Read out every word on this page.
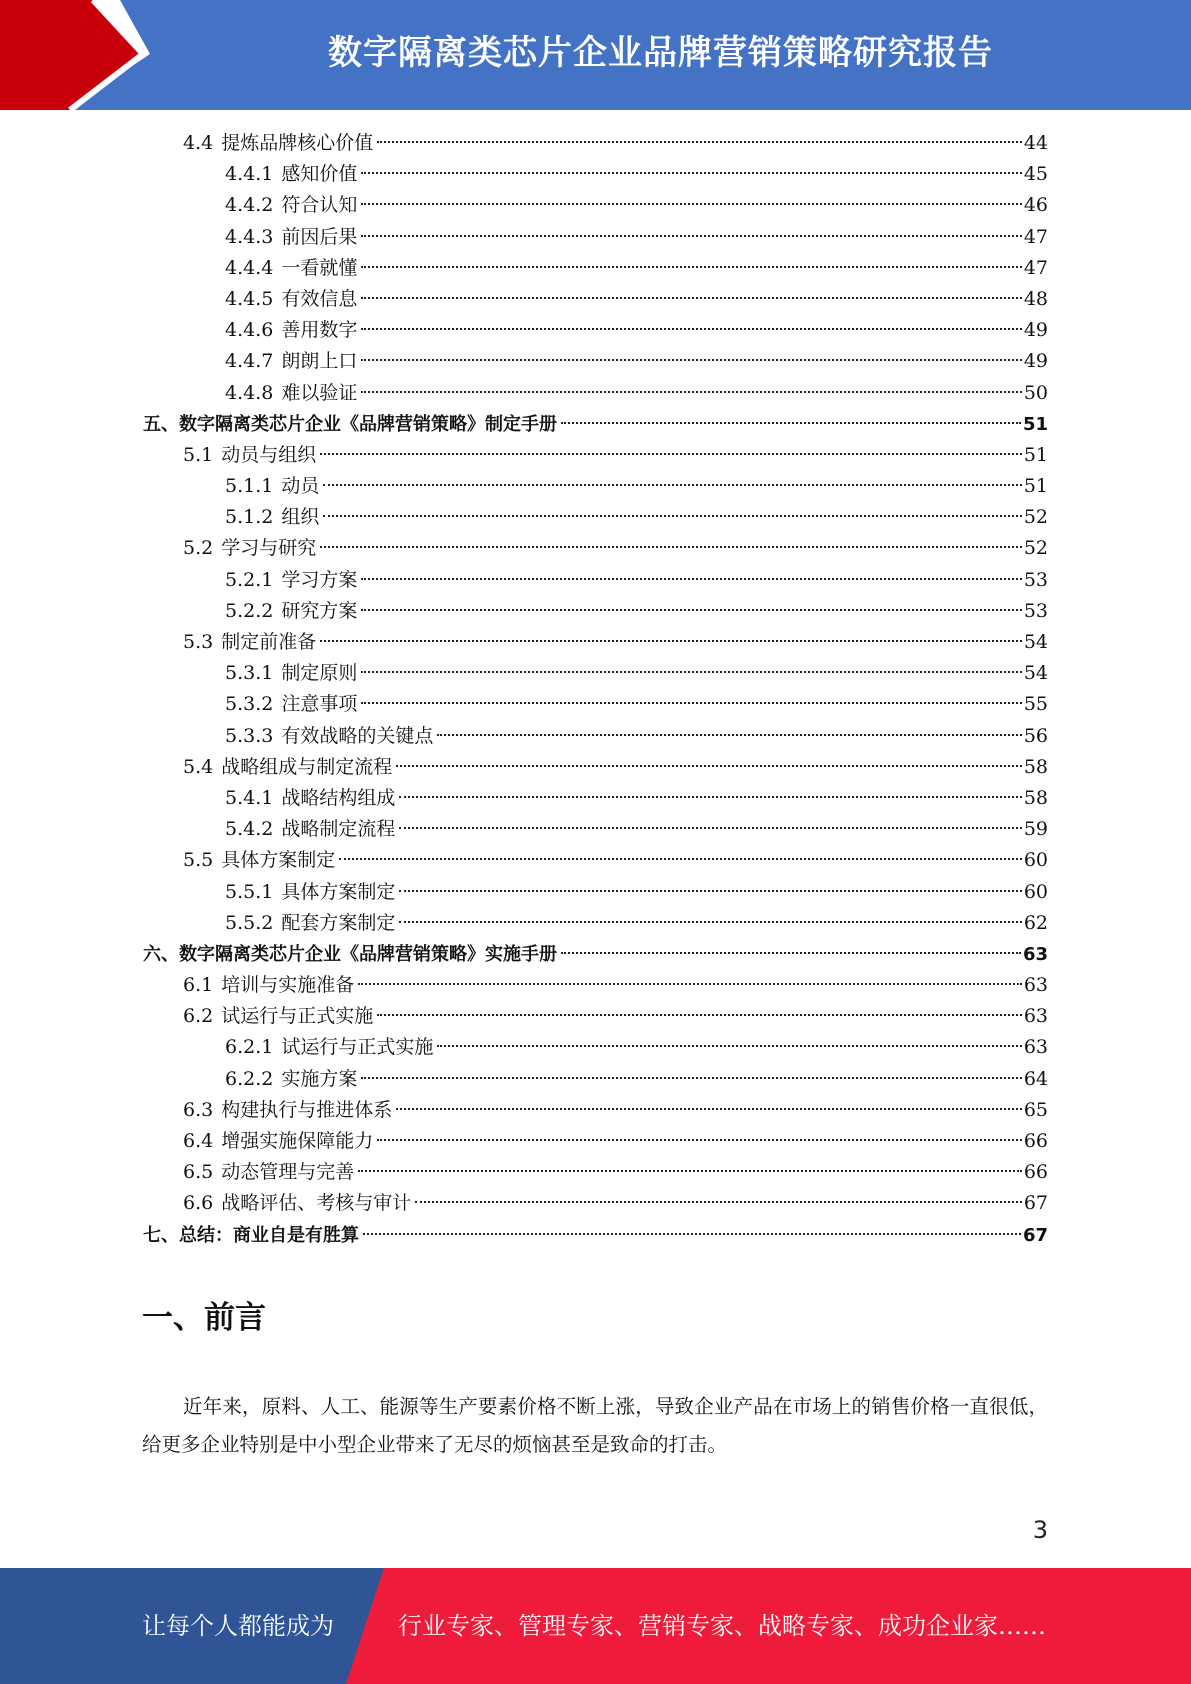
数字隔离类芯片企业品牌营销策略研究报告
4.4 提炼品牌核心价值	44
4.4.1 感知价值	45
4.4.2 符合认知	46
4.4.3 前因后果	47
4.4.4 一看就懂	47
4.4.5 有效信息	48
4.4.6 善用数字	49
4.4.7 朗朗上口	49
4.4.8 难以验证	50
五、数字隔离类芯片企业《品牌营销策略》制定手册	51
5.1 动员与组织	51
5.1.1 动员	51
5.1.2 组织	52
5.2 学习与研究	52
5.2.1 学习方案	53
5.2.2 研究方案	53
5.3 制定前准备	54
5.3.1 制定原则	54
5.3.2 注意事项	55
5.3.3 有效战略的关键点	56
5.4 战略组成与制定流程	58
5.4.1 战略结构组成	58
5.4.2 战略制定流程	59
5.5 具体方案制定	60
5.5.1 具体方案制定	60
5.5.2 配套方案制定	62
六、数字隔离类芯片企业《品牌营销策略》实施手册	63
6.1 培训与实施准备	63
6.2 试运行与正式实施	63
6.2.1 试运行与正式实施	63
6.2.2 实施方案	64
6.3 构建执行与推进体系	65
6.4 增强实施保障能力	66
6.5 动态管理与完善	66
6.6 战略评估、考核与审计	67
七、总结：商业自是有胜算	67
一、前言

近年来，原料、人工、能源等生产要素价格不断上涨，导致企业产品在市场上的销售价格一直很低，给更多企业特别是中小型企业带来了无尽的烦恼甚至是致命的打击。

3
让每个人都能成为	行业专家、管理专家、营销专家、战略专家、成功企业家……
